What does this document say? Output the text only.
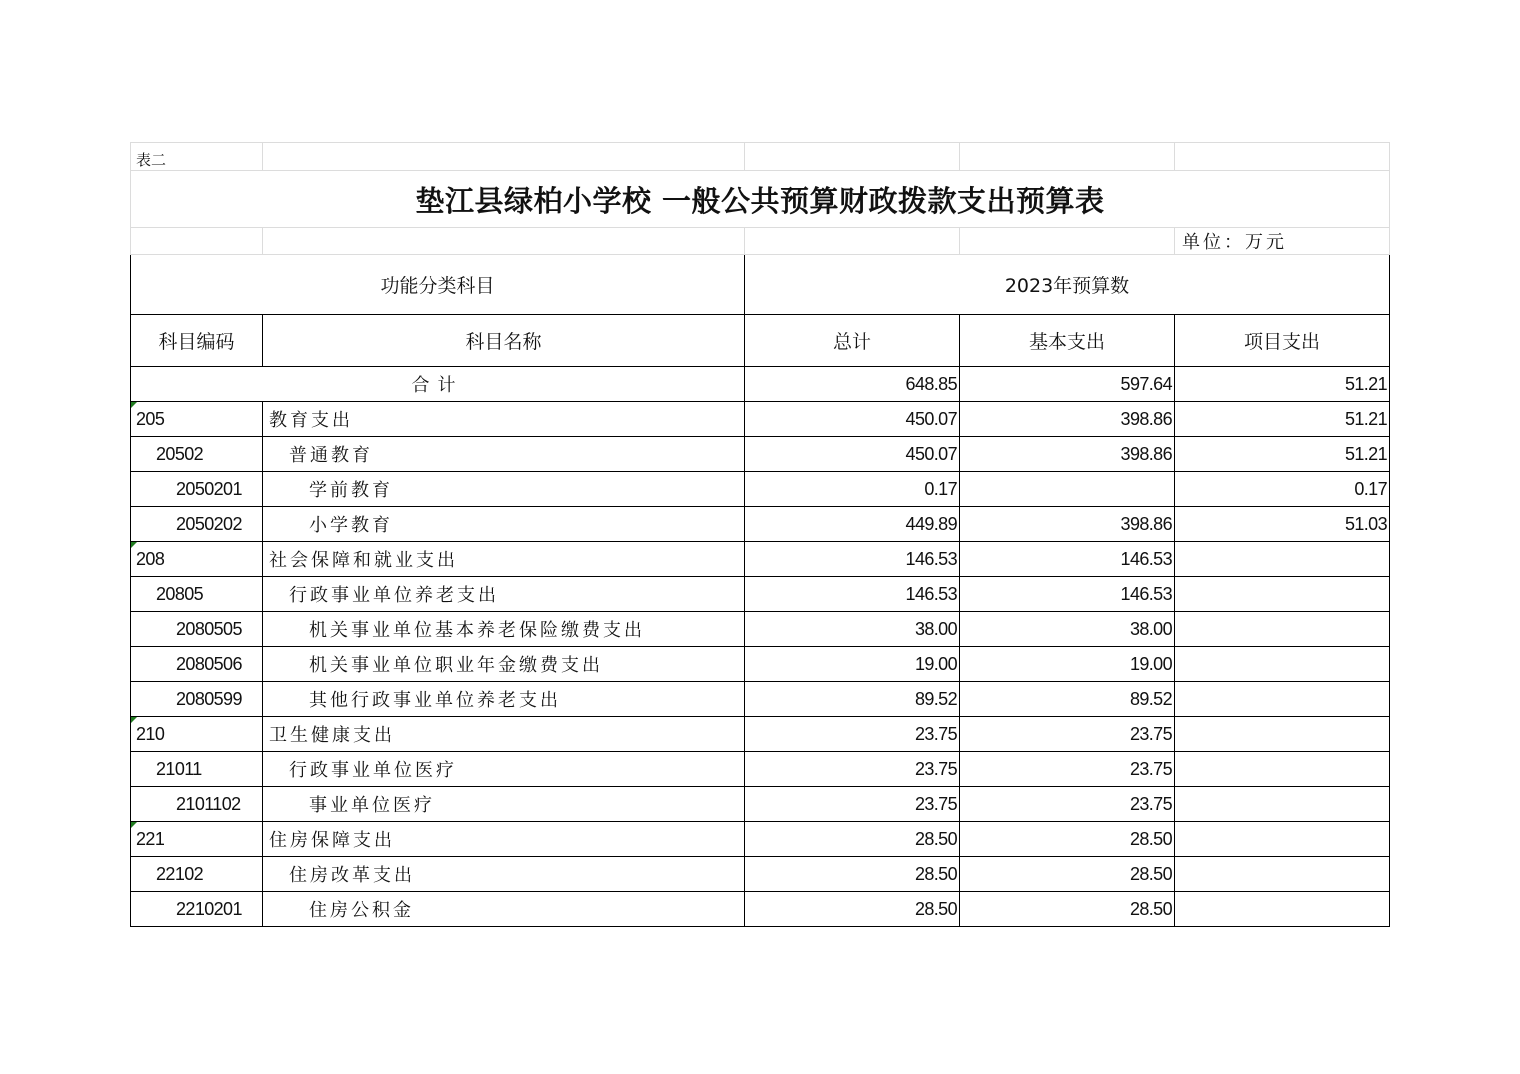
表二				
垫江县绿柏小学校 一般公共预算财政拨款支出预算表				
				单位：万元
功能分类科目		2023年预算数		
科目编码	科目名称	总计	基本支出	项目支出
合计		648.85	597.64	51.21

205	教育支出	450.07	398.86	51.21
20502	普通教育	450.07	398.86	51.21
2050201	学前教育	0.17		0.17
2050202	小学教育	449.89	398.86	51.03

208	社会保障和就业支出	146.53	146.53	
20805	行政事业单位养老支出	146.53	146.53	
2080505	机关事业单位基本养老保险缴费支出	38.00	38.00	
2080506	机关事业单位职业年金缴费支出	19.00	19.00	
2080599	其他行政事业单位养老支出	89.52	89.52	

210	卫生健康支出	23.75	23.75	
21011	行政事业单位医疗	23.75	23.75	
2101102	事业单位医疗	23.75	23.75	

221	住房保障支出	28.50	28.50	
22102	住房改革支出	28.50	28.50	
2210201	住房公积金	28.50	28.50	
